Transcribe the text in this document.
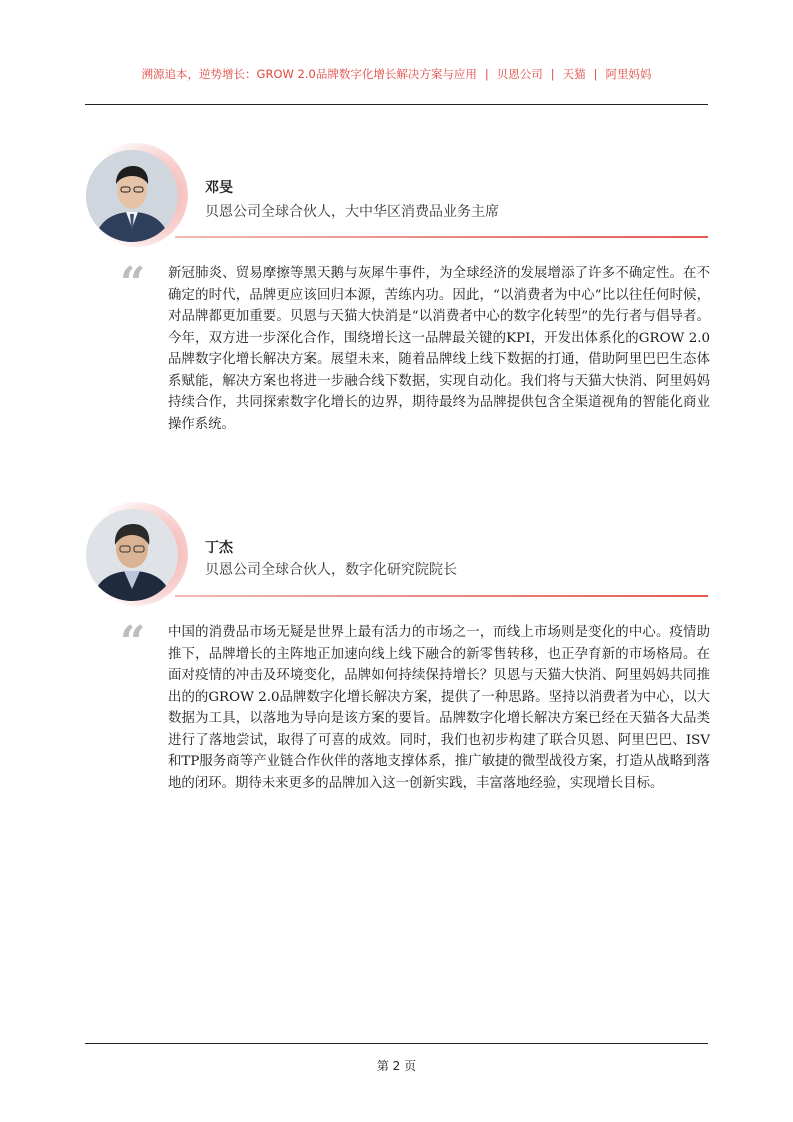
溯源追本，逆势增长：GROW 2.0品牌数字化增长解决方案与应用 | 贝恩公司 | 天猫 | 阿里妈妈
邓旻
贝恩公司全球合伙人，大中华区消费品业务主席
“ 新冠肺炎、贸易摩擦等黑天鹅与灰犀牛事件，为全球经济的发展增添了许多不确定性。在不确定的时代，品牌更应该回归本源，苦练内功。因此，“以消费者为中心”比以往任何时候，对品牌都更加重要。贝恩与天猫大快消是“以消费者中心的数字化转型”的先行者与倡导者。今年，双方进一步深化合作，围绕增长这一品牌最关键的KPI，开发出体系化的GROW 2.0品牌数字化增长解决方案。展望未来，随着品牌线上线下数据的打通，借助阿里巴巴生态体系赋能，解决方案也将进一步融合线下数据，实现自动化。我们将与天猫大快消、阿里妈妈持续合作，共同探索数字化增长的边界，期待最终为品牌提供包含全渠道视角的智能化商业操作系统。
丁杰
贝恩公司全球合伙人，数字化研究院院长
“ 中国的消费品市场无疑是世界上最有活力的市场之一，而线上市场则是变化的中心。疫情助推下，品牌增长的主阵地正加速向线上线下融合的新零售转移，也正孕育新的市场格局。在面对疫情的冲击及环境变化，品牌如何持续保持增长？贝恩与天猫大快消、阿里妈妈共同推出的的GROW 2.0品牌数字化增长解决方案，提供了一种思路。坚持以消费者为中心，以大数据为工具，以落地为导向是该方案的要旨。品牌数字化增长解决方案已经在天猫各大品类进行了落地尝试，取得了可喜的成效。同时，我们也初步构建了联合贝恩、阿里巴巴、ISV和TP服务商等产业链合作伙伴的落地支撑体系，推广敏捷的微型战役方案，打造从战略到落地的闭环。期待未来更多的品牌加入这一创新实践，丰富落地经验，实现增长目标。
第 2 页
